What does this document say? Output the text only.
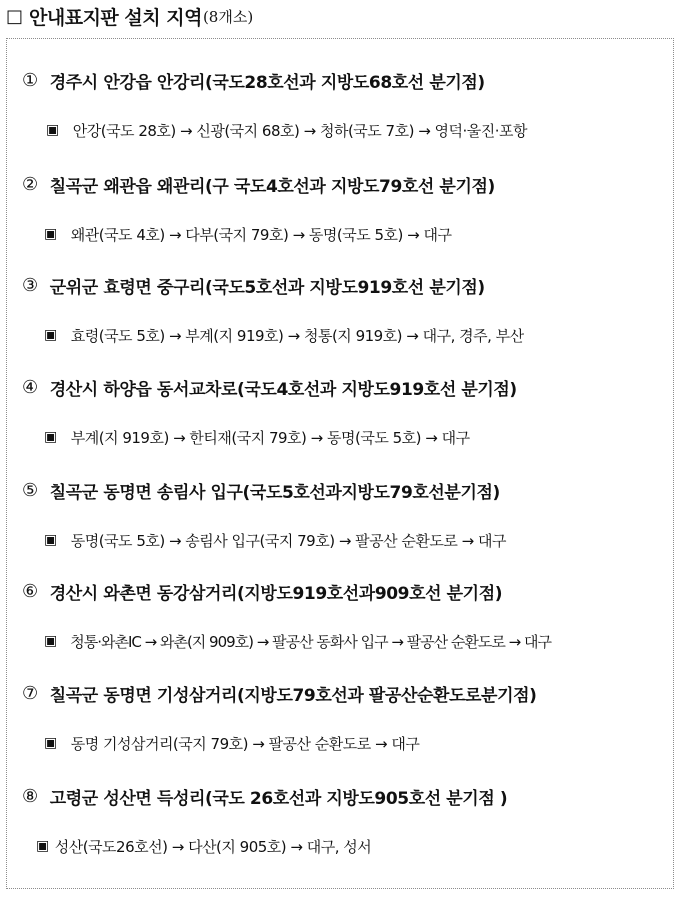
□ 안내표지판 설치 지역 (8개소)
① 경주시 안강읍 안강리(국도28호선과 지방도68호선 분기점)
▣ 안강(국도 28호) → 신광(국지 68호) → 청하(국도 7호) → 영덕·울진·포항
② 칠곡군 왜관읍 왜관리(구 국도4호선과 지방도79호선 분기점)
▣ 왜관(국도 4호) → 다부(국지 79호) → 동명(국도 5호) → 대구
③ 군위군 효령면 중구리(국도5호선과 지방도919호선 분기점)
▣ 효령(국도 5호) → 부계(지 919호) → 청통(지 919호) → 대구, 경주, 부산
④ 경산시 하양읍 동서교차로(국도4호선과 지방도919호선 분기점)
▣ 부계(지 919호) → 한티재(국지 79호) → 동명(국도 5호) → 대구
⑤ 칠곡군 동명면 송림사 입구(국도5호선과지방도79호선분기점)
▣ 동명(국도 5호) → 송림사 입구(국지 79호) → 팔공산 순환도로 → 대구
⑥ 경산시 와촌면 동강삼거리(지방도919호선과909호선 분기점)
▣ 청통·와촌IC → 와촌(지 909호) → 팔공산 동화사 입구 → 팔공산 순환도로 → 대구
⑦ 칠곡군 동명면 기성삼거리(지방도79호선과 팔공산순환도로분기점)
▣ 동명 기성삼거리(국지 79호) → 팔공산 순환도로 → 대구
⑧ 고령군 성산면 득성리(국도 26호선과 지방도905호선 분기점 )
▣ 성산(국도26호선) → 다산(지 905호) → 대구, 성서
